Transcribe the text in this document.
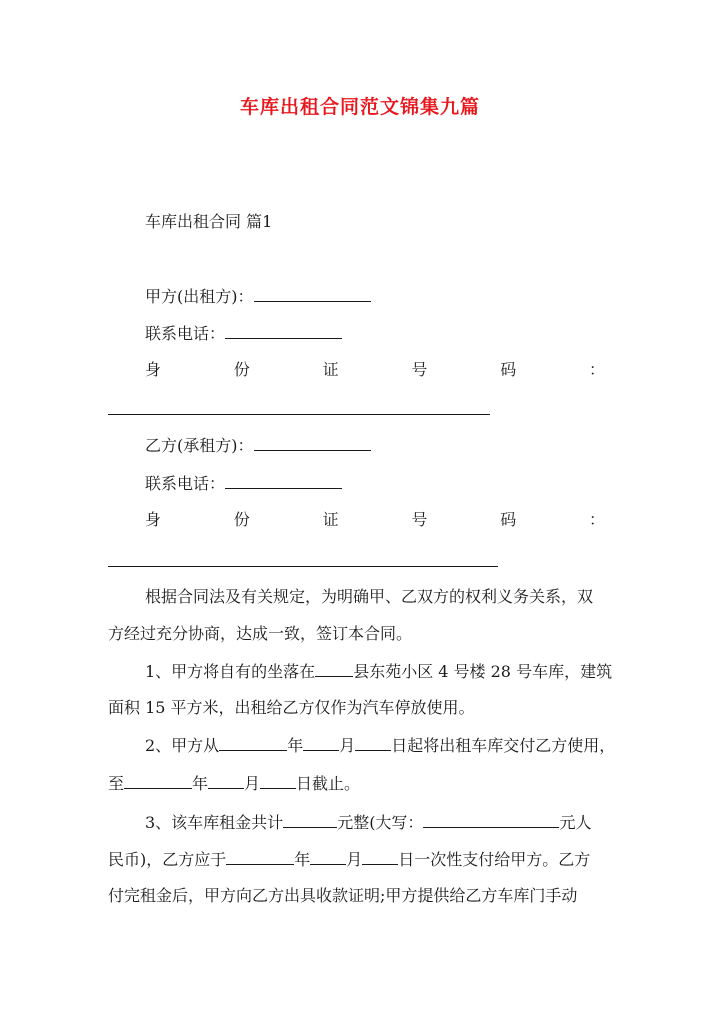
车库出租合同范文锦集九篇
车库出租合同 篇1
甲方(出租方)：
联系电话：
身	份	证	号	码	：
乙方(承租方)：
联系电话：
身	份	证	号	码	：
根据合同法及有关规定，为明确甲、乙双方的权利义务关系，双
方经过充分协商，达成一致，签订本合同。
1、甲方将自有的坐落在 县东苑小区 4 号楼 28 号车库，建筑
面积 15 平方米，出租给乙方仅作为汽车停放使用。
2、甲方从	年 月 日起将出租车库交付乙方使用，
至	年 月 日截止。
3、该车库租金共计	元整(大写：	元人
民币)，乙方应于	年 月 日一次性支付给甲方。乙方
付完租金后，甲方向乙方出具收款证明;甲方提供给乙方车库门手动
